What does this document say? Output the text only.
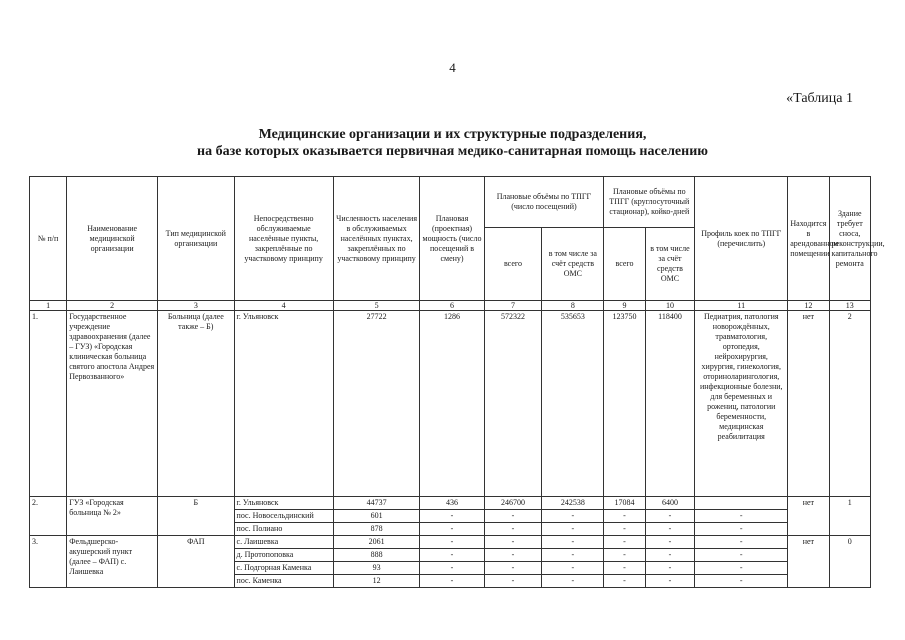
4
«Таблица 1
Медицинские организации и их структурные подразделения,
на базе которых оказывается первичная медико-санитарная помощь населению
№ п/п	Наименование медицинской организации	Тип медицинской организации	Непосредственно обслуживаемые населённые пункты, закреплённые по участковому принципу	Численность населения в обслуживаемых населённых пунктах, закреплённых по участковому принципу	Плановая (проектная) мощность (число посещений в смену)	Плановые объёмы по ТПГГ (число посещений)		Плановые объёмы по ТПГГ (круглосуточный стационар), койко-дней		Профиль коек по ТПГГ (перечислить)	Находится в арендованном помещении	Здание требует сноса, реконструкции, капитального ремонта
						всего	в том числе за счёт средств ОМС	всего	в том числе за счёт средств ОМС			
1	2	3	4	5	6	7	8	9	10	11	12	13
1.	Государственное учреждение здравоохранения (далее – ГУЗ) «Городская клиническая больница святого апостола Андрея Первозванного»	Больница (далее также – Б)	г. Ульяновск	27722	1286	572322	535653	123750	118400	Педиатрия, патология новорождённых, травматология, ортопедия, нейрохирургия, хирургия, гинекология, оториноларингология, инфекционные болезни, для беременных и рожениц, патологии беременности, медицинская реабилитация	нет	2
2.	ГУЗ «Городская больница № 2»	Б	г. Ульяновск	44737	436	246700	242538	17084	6400		нет	1
			пос. Новосельдинский	601	-	-	-	-	-	-		
			пос. Полиано	878	-	-	-	-	-	-		
3.	Фельдшерско-акушерский пункт (далее – ФАП) с. Лаишевка	ФАП	с. Лаишевка	2061	-	-	-	-	-	-	нет	0
			д. Протопоповка	888	-	-	-	-	-	-		
			с. Подгорная Каменка	93	-	-	-	-	-	-		
			пос. Каменка	12	-	-	-	-	-	-		
